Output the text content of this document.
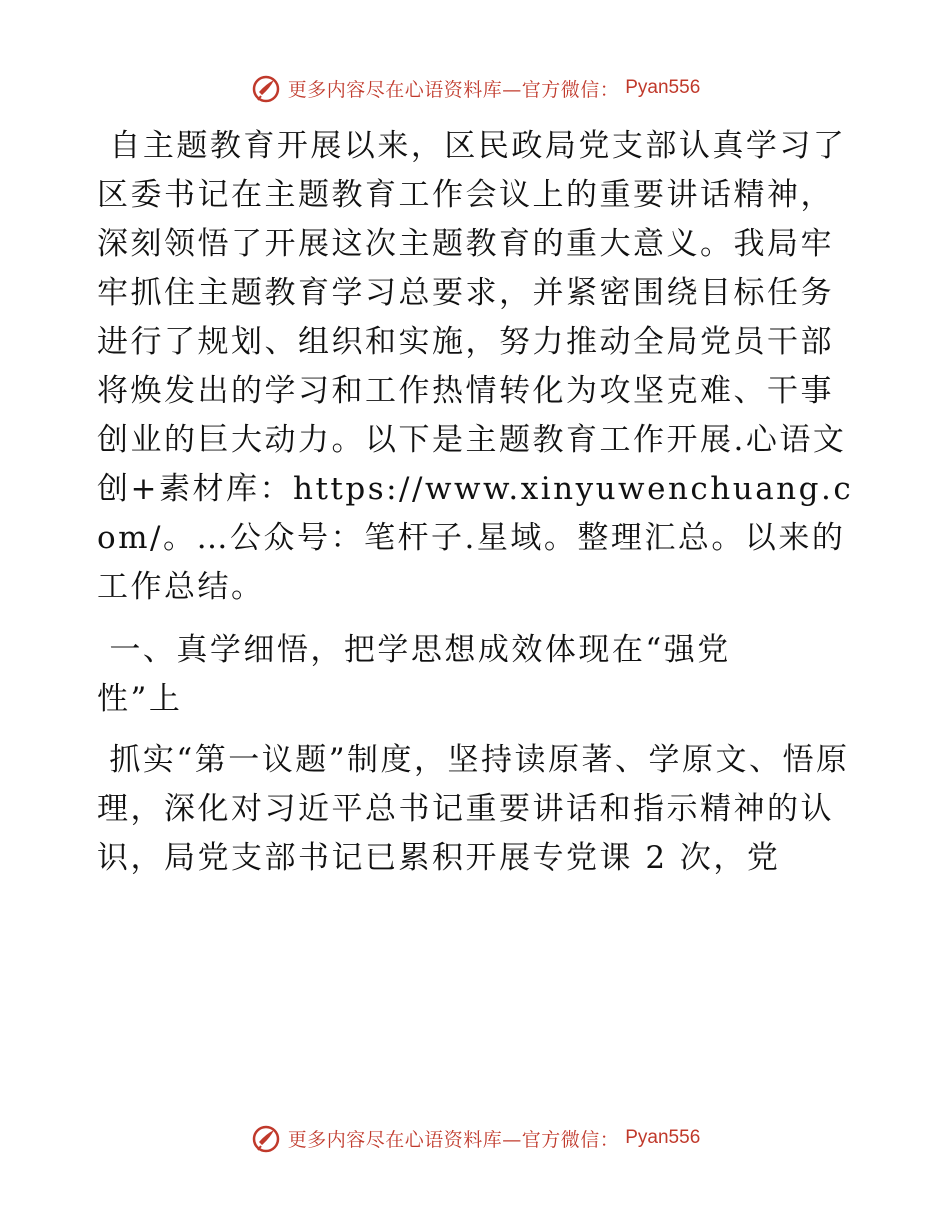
更多内容尽在心语资料库—官方微信： Pyan556

自主题教育开展以来，区民政局党支部认真学习了区委书记在主题教育工作会议上的重要讲话精神，深刻领悟了开展这次主题教育的重大意义。我局牢牢抓住主题教育学习总要求，并紧密围绕目标任务进行了规划、组织和实施，努力推动全局党员干部将焕发出的学习和工作热情转化为攻坚克难、干事创业的巨大动力。以下是主题教育工作开展.心语文创+素材库：https://www.xinyuwenchuang.com/。…公众号：笔杆子.星域。整理汇总。以来的工作总结。

一、真学细悟，把学思想成效体现在“强党性”上

抓实“第一议题”制度，坚持读原著、学原文、悟原理，深化对习近平总书记重要讲话和指示精神的认识，局党支部书记已累积开展专党课 2 次，党

更多内容尽在心语资料库—官方微信： Pyan556
